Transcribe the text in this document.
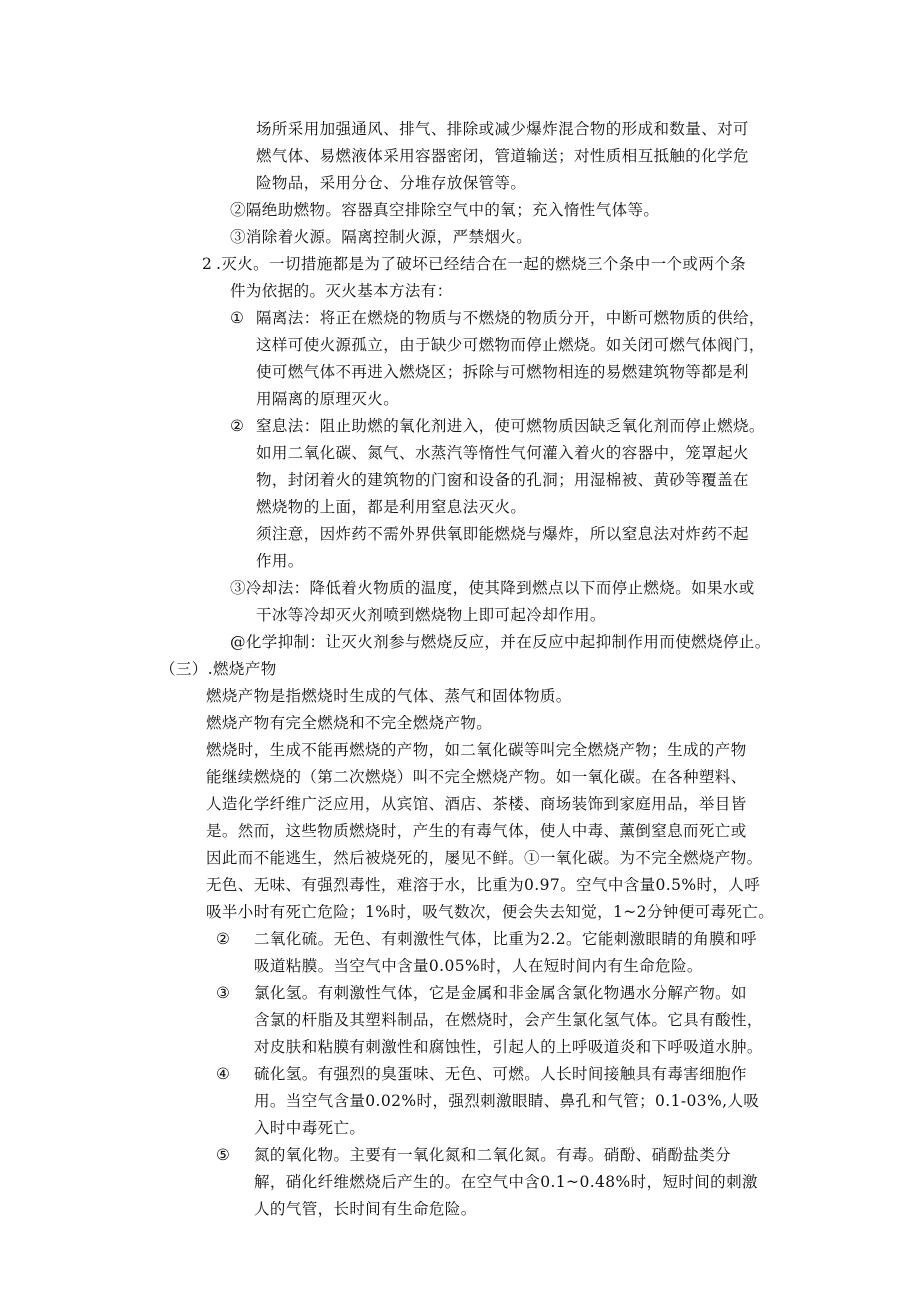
场所采用加强通风、排气、排除或减少爆炸混合物的形成和数量、对可
燃气体、易燃液体采用容器密闭，管道输送；对性质相互抵触的化学危
险物品，采用分仓、分堆存放保管等。
②隔绝助燃物。容器真空排除空气中的氧；充入惰性气体等。
③消除着火源。隔离控制火源，严禁烟火。
2 .灭火。一切措施都是为了破坏已经结合在一起的燃烧三个条中一个或两个条
件为依据的。灭火基本方法有：
① 隔离法：将正在燃烧的物质与不燃烧的物质分开，中断可燃物质的供给，
这样可使火源孤立，由于缺少可燃物而停止燃烧。如关闭可燃气体阀门，
使可燃气体不再进入燃烧区；拆除与可燃物相连的易燃建筑物等都是利
用隔离的原理灭火。
② 窒息法：阻止助燃的氧化剂进入，使可燃物质因缺乏氧化剂而停止燃烧。
如用二氧化碳、氮气、水蒸汽等惰性气何灌入着火的容器中，笼罩起火
物，封闭着火的建筑物的门窗和设备的孔洞；用湿棉被、黄砂等覆盖在
燃烧物的上面，都是利用窒息法灭火。
须注意，因炸药不需外界供氧即能燃烧与爆炸，所以窒息法对炸药不起
作用。
③冷却法：降低着火物质的温度，使其降到燃点以下而停止燃烧。如果水或
干冰等冷却灭火剂喷到燃烧物上即可起冷却作用。
@化学抑制：让灭火剂参与燃烧反应，并在反应中起抑制作用而使燃烧停止。
（三）.燃烧产物
燃烧产物是指燃烧时生成的气体、蒸气和固体物质。
燃烧产物有完全燃烧和不完全燃烧产物。
燃烧时，生成不能再燃烧的产物，如二氧化碳等叫完全燃烧产物；生成的产物
能继续燃烧的（第二次燃烧）叫不完全燃烧产物。如一氧化碳。在各种塑料、
人造化学纤维广泛应用，从宾馆、酒店、茶楼、商场装饰到家庭用品，举目皆
是。然而，这些物质燃烧时，产生的有毒气体，使人中毒、薰倒窒息而死亡或
因此而不能逃生，然后被烧死的，屡见不鲜。①一氧化碳。为不完全燃烧产物。
无色、无味、有强烈毒性，难溶于水，比重为0.97。空气中含量0.5%时，人呼
吸半小时有死亡危险；1%时，吸气数次，便会失去知觉，1~2分钟便可毒死亡。
② 二氧化硫。无色、有刺激性气体，比重为2.2。它能刺激眼睛的角膜和呼
吸道粘膜。当空气中含量0.05%时，人在短时间内有生命危险。
③ 氯化氢。有刺激性气体，它是金属和非金属含氯化物遇水分解产物。如
含氯的杆脂及其塑料制品，在燃烧时，会产生氯化氢气体。它具有酸性，
对皮肤和粘膜有刺激性和腐蚀性，引起人的上呼吸道炎和下呼吸道水肿。
④ 硫化氢。有强烈的臭蛋味、无色、可燃。人长时间接触具有毒害细胞作
用。当空气含量0.02%时，强烈刺激眼睛、鼻孔和气管；0.1-03%,人吸
入时中毒死亡。
⑤ 氮的氧化物。主要有一氧化氮和二氧化氮。有毒。硝酚、硝酚盐类分
解，硝化纤维燃烧后产生的。在空气中含0.1~0.48%时，短时间的刺激
人的气管，长时间有生命危险。
